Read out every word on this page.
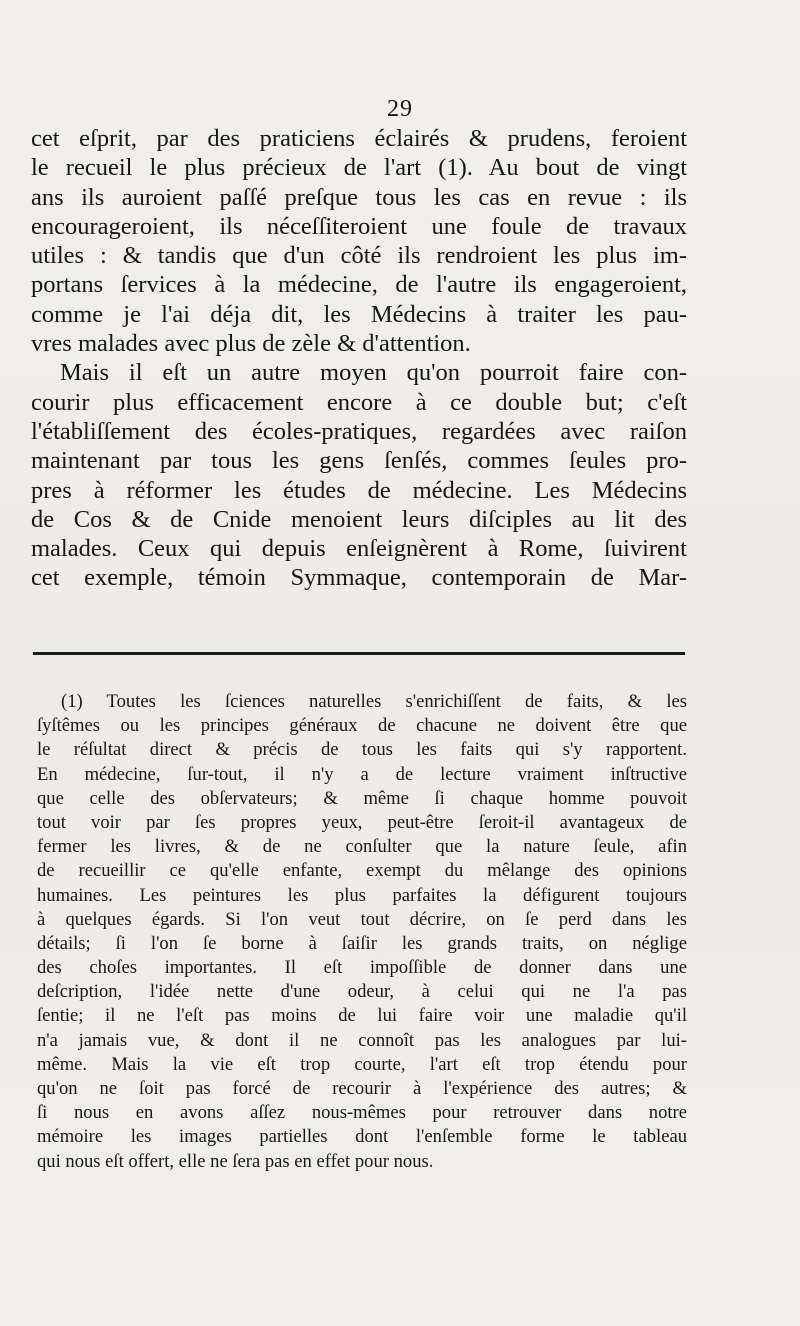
29
cet eſprit, par des praticiens éclairés & prudens, feroient
le recueil le plus précieux de l'art (1). Au bout de vingt
ans ils auroient paſſé preſque tous les cas en revue : ils
encourageroient, ils néceſſiteroient une foule de travaux
utiles : & tandis que d'un côté ils rendroient les plus im-
portans ſervices à la médecine, de l'autre ils engageroient,
comme je l'ai déja dit, les Médecins à traiter les pau-
vres malades avec plus de zèle & d'attention.
Mais il eſt un autre moyen qu'on pourroit faire con-
courir plus efficacement encore à ce double but; c'eſt
l'établiſſement des écoles-pratiques, regardées avec raiſon
maintenant par tous les gens ſenſés, commes ſeules pro-
pres à réformer les études de médecine. Les Médecins
de Cos & de Cnide menoient leurs diſciples au lit des
malades. Ceux qui depuis enſeignèrent à Rome, ſuivirent
cet exemple, témoin Symmaque, contemporain de Mar-
(1) Toutes les ſciences naturelles s'enrichiſſent de faits, & les
ſyſtêmes ou les principes généraux de chacune ne doivent être que
le réſultat direct & précis de tous les faits qui s'y rapportent.
En médecine, ſur-tout, il n'y a de lecture vraiment inſtructive
que celle des obſervateurs; & même ſi chaque homme pouvoit
tout voir par ſes propres yeux, peut-être ſeroit-il avantageux de
fermer les livres, & de ne conſulter que la nature ſeule, afin
de recueillir ce qu'elle enfante, exempt du mêlange des opinions
humaines. Les peintures les plus parfaites la défigurent toujours
à quelques égards. Si l'on veut tout décrire, on ſe perd dans les
détails; ſi l'on ſe borne à ſaiſir les grands traits, on néglige
des choſes importantes. Il eſt impoſſible de donner dans une
deſcription, l'idée nette d'une odeur, à celui qui ne l'a pas
ſentie; il ne l'eſt pas moins de lui faire voir une maladie qu'il
n'a jamais vue, & dont il ne connoît pas les analogues par lui-
même. Mais la vie eſt trop courte, l'art eſt trop étendu pour
qu'on ne ſoit pas forcé de recourir à l'expérience des autres; &
ſi nous en avons aſſez nous-mêmes pour retrouver dans notre
mémoire les images partielles dont l'enſemble forme le tableau
qui nous eſt offert, elle ne ſera pas en effet pour nous.
